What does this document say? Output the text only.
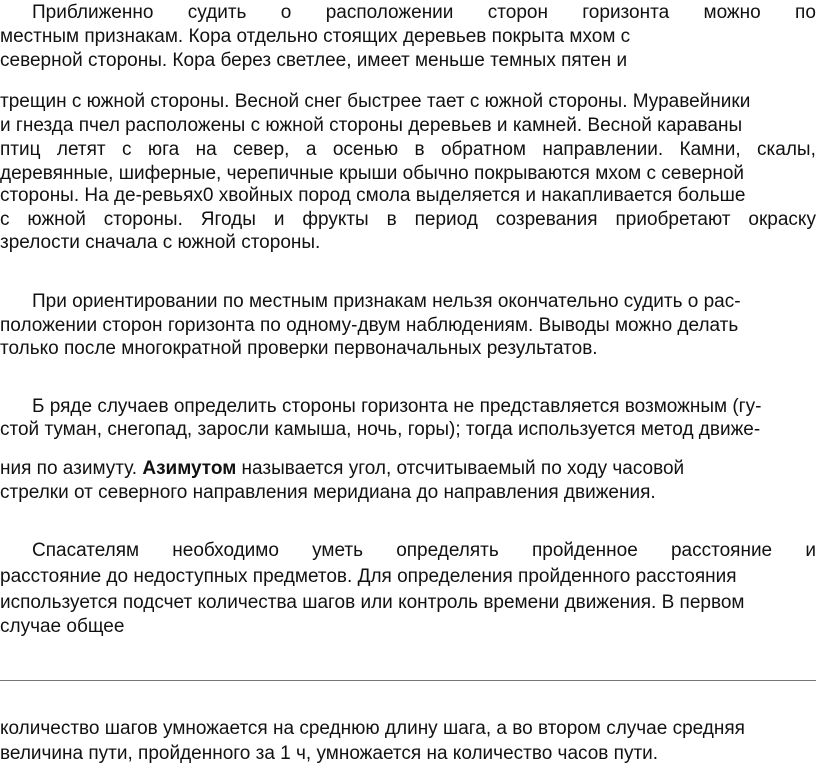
Приближенно судить о расположении сторон горизонта можно по
местным признакам. Кора отдельно стоящих деревьев покрыта мхом с
северной стороны. Кора берез светлее, имеет меньше темных пятен и
трещин с южной стороны. Весной снег быстрее тает с южной стороны. Муравейники
и гнезда пчел расположены с южной стороны деревьев и камней. Весной караваны
птиц летят с юга на север, а осенью в обратном направлении. Камни, скалы,
деревянные, шиферные, черепичные крыши обычно покрываются мхом с северной
стороны. На де-ревьях0 хвойных пород смола выделяется и накапливается больше
с южной стороны. Ягоды и фрукты в период созревания приобретают окраску
зрелости сначала с южной стороны.
При ориентировании по местным признакам нельзя окончательно судить о рас-
положении сторон горизонта по одному-двум наблюдениям. Выводы можно делать
только после многократной проверки первоначальных результатов.
Б ряде случаев определить стороны горизонта не представляется возможным (гу-
стой туман, снегопад, заросли камыша, ночь, горы); тогда используется метод движе-
ния по азимуту. Азимутом называется угол, отсчитываемый по ходу часовой
стрелки от северного направления меридиана до направления движения.
Спасателям необходимо уметь определять пройденное расстояние и
расстояние до недоступных предметов. Для определения пройденного расстояния
используется подсчет количества шагов или контроль времени движения. В первом
случае общее
количество шагов умножается на среднюю длину шага, а во втором случае средняя
величина пути, пройденного за 1 ч, умножается на количество часов пути.
